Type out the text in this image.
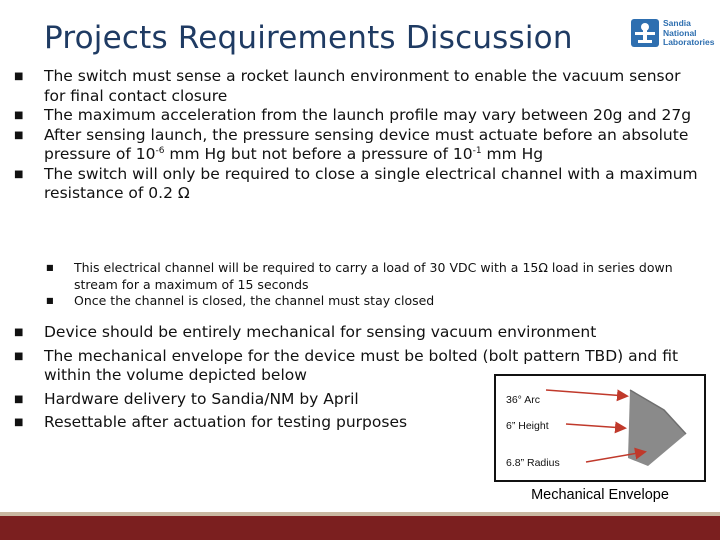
Projects Requirements Discussion	Sandia
National
Laboratories
■	The switch must sense a rocket launch environment to enable the vacuum sensor for final contact closure
■	The maximum acceleration from the launch profile may vary between 20g and 27g
■	After sensing launch, the pressure sensing device must actuate before an absolute pressure of $10^{-6}$ mm Hg but not before a pressure of $10^{-1}$ mm Hg
■	The switch will only be required to close a single electrical channel with a maximum resistance of 0.2 Ω
■	This electrical channel will be required to carry a load of 30 VDC with a 15Ω load in series down stream for a maximum of 15 seconds
■	Once the channel is closed, the channel must stay closed
■	Device should be entirely mechanical for sensing vacuum environment
■	The mechanical envelope for the device must be bolted (bolt pattern TBD) and fit within the volume depicted below
■	Hardware delivery to Sandia/NM by April
■	Resettable after actuation for testing purposes
36° Arc
6” Height
6.8” Radius
Mechanical Envelope
